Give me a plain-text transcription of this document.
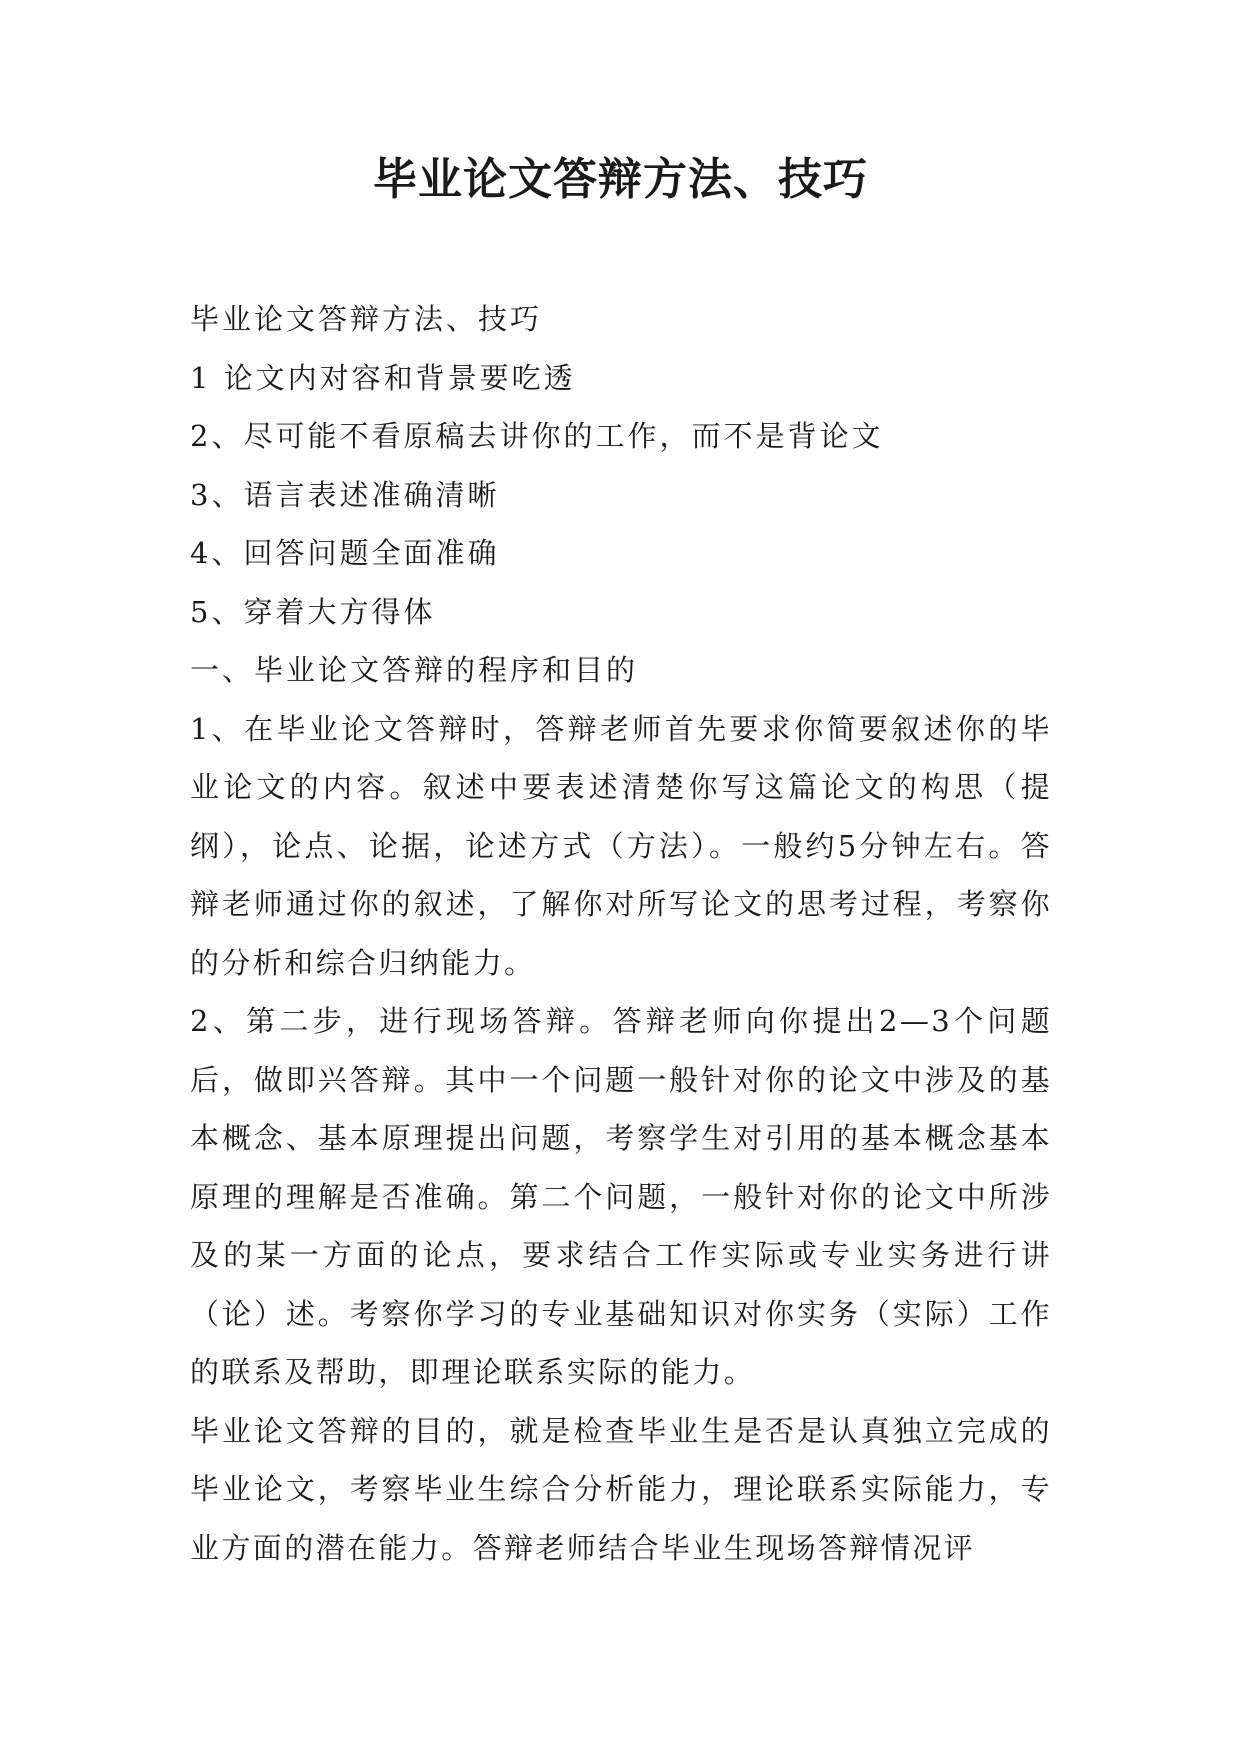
毕业论文答辩方法、技巧
毕业论文答辩方法、技巧
1 论文内对容和背景要吃透
2、尽可能不看原稿去讲你的工作，而不是背论文
3、语言表述准确清晰
4、回答问题全面准确
5、穿着大方得体
一、毕业论文答辩的程序和目的
1、在毕业论文答辩时，答辩老师首先要求你简要叙述你的毕业论文的内容。叙述中要表述清楚你写这篇论文的构思（提纲），论点、论据，论述方式（方法）。一般约5分钟左右。答辩老师通过你的叙述，了解你对所写论文的思考过程，考察你的分析和综合归纳能力。
2、第二步，进行现场答辩。答辩老师向你提出2—3个问题后，做即兴答辩。其中一个问题一般针对你的论文中涉及的基本概念、基本原理提出问题，考察学生对引用的基本概念基本原理的理解是否准确。第二个问题，一般针对你的论文中所涉及的某一方面的论点，要求结合工作实际或专业实务进行讲（论）述。考察你学习的专业基础知识对你实务（实际）工作的联系及帮助，即理论联系实际的能力。
毕业论文答辩的目的，就是检查毕业生是否是认真独立完成的毕业论文，考察毕业生综合分析能力，理论联系实际能力，专业方面的潜在能力。答辩老师结合毕业生现场答辩情况评
